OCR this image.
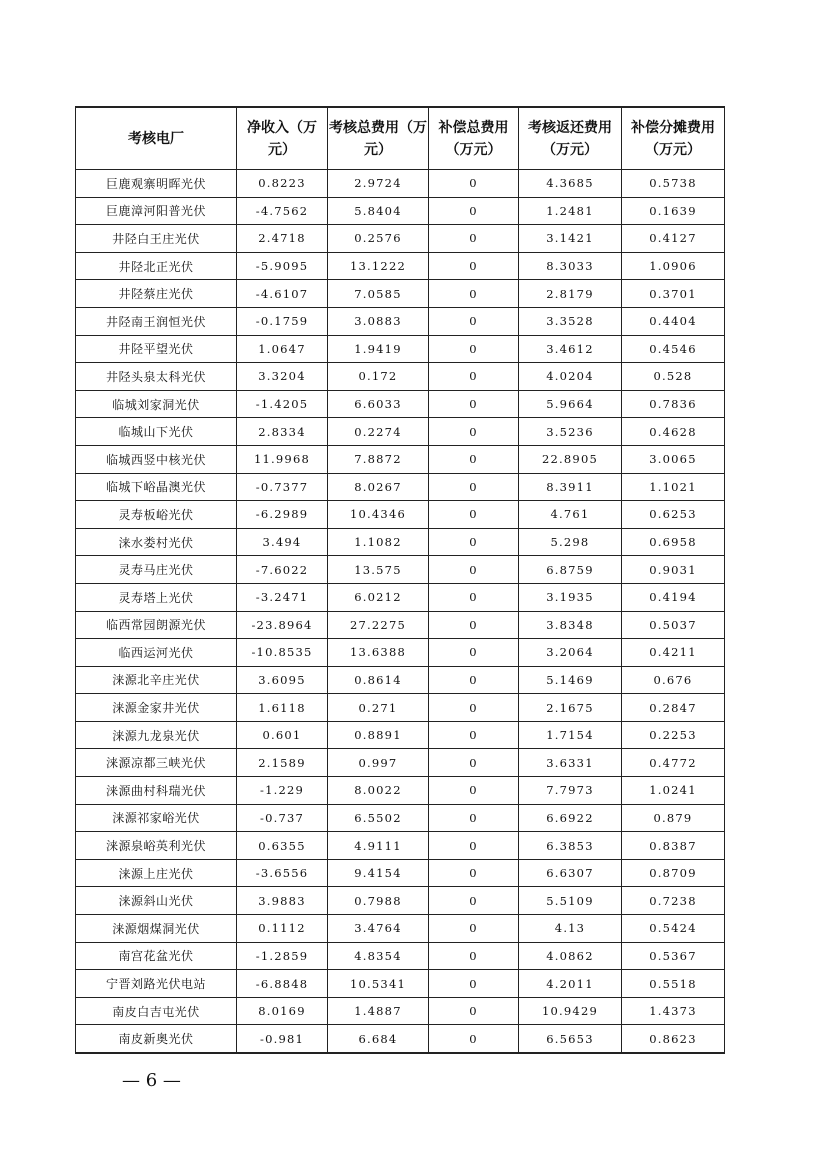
考核电厂	净收入（万元）	考核总费用（万元）	补偿总费用（万元）	考核返还费用（万元）	补偿分摊费用（万元）
巨鹿观寨明晖光伏	0.8223	2.9724	0	4.3685	0.5738
巨鹿漳河阳普光伏	-4.7562	5.8404	0	1.2481	0.1639
井陉白王庄光伏	2.4718	0.2576	0	3.1421	0.4127
井陉北正光伏	-5.9095	13.1222	0	8.3033	1.0906
井陉蔡庄光伏	-4.6107	7.0585	0	2.8179	0.3701
井陉南王润恒光伏	-0.1759	3.0883	0	3.3528	0.4404
井陉平望光伏	1.0647	1.9419	0	3.4612	0.4546
井陉头泉太科光伏	3.3204	0.172	0	4.0204	0.528
临城刘家洞光伏	-1.4205	6.6033	0	5.9664	0.7836
临城山下光伏	2.8334	0.2274	0	3.5236	0.4628
临城西竖中核光伏	11.9968	7.8872	0	22.8905	3.0065
临城下峪晶澳光伏	-0.7377	8.0267	0	8.3911	1.1021
灵寿板峪光伏	-6.2989	10.4346	0	4.761	0.6253
涞水娄村光伏	3.494	1.1082	0	5.298	0.6958
灵寿马庄光伏	-7.6022	13.575	0	6.8759	0.9031
灵寿塔上光伏	-3.2471	6.0212	0	3.1935	0.4194
临西常园朗源光伏	-23.8964	27.2275	0	3.8348	0.5037
临西运河光伏	-10.8535	13.6388	0	3.2064	0.4211
涞源北辛庄光伏	3.6095	0.8614	0	5.1469	0.676
涞源金家井光伏	1.6118	0.271	0	2.1675	0.2847
涞源九龙泉光伏	0.601	0.8891	0	1.7154	0.2253
涞源凉都三峡光伏	2.1589	0.997	0	3.6331	0.4772
涞源曲村科瑞光伏	-1.229	8.0022	0	7.7973	1.0241
涞源祁家峪光伏	-0.737	6.5502	0	6.6922	0.879
涞源泉峪英利光伏	0.6355	4.9111	0	6.3853	0.8387
涞源上庄光伏	-3.6556	9.4154	0	6.6307	0.8709
涞源斜山光伏	3.9883	0.7988	0	5.5109	0.7238
涞源烟煤洞光伏	0.1112	3.4764	0	4.13	0.5424
南宫花盆光伏	-1.2859	4.8354	0	4.0862	0.5367
宁晋刘路光伏电站	-6.8848	10.5341	0	4.2011	0.5518
南皮白吉屯光伏	8.0169	1.4887	0	10.9429	1.4373
南皮新奥光伏	-0.981	6.684	0	6.5653	0.8623
— 6 —
